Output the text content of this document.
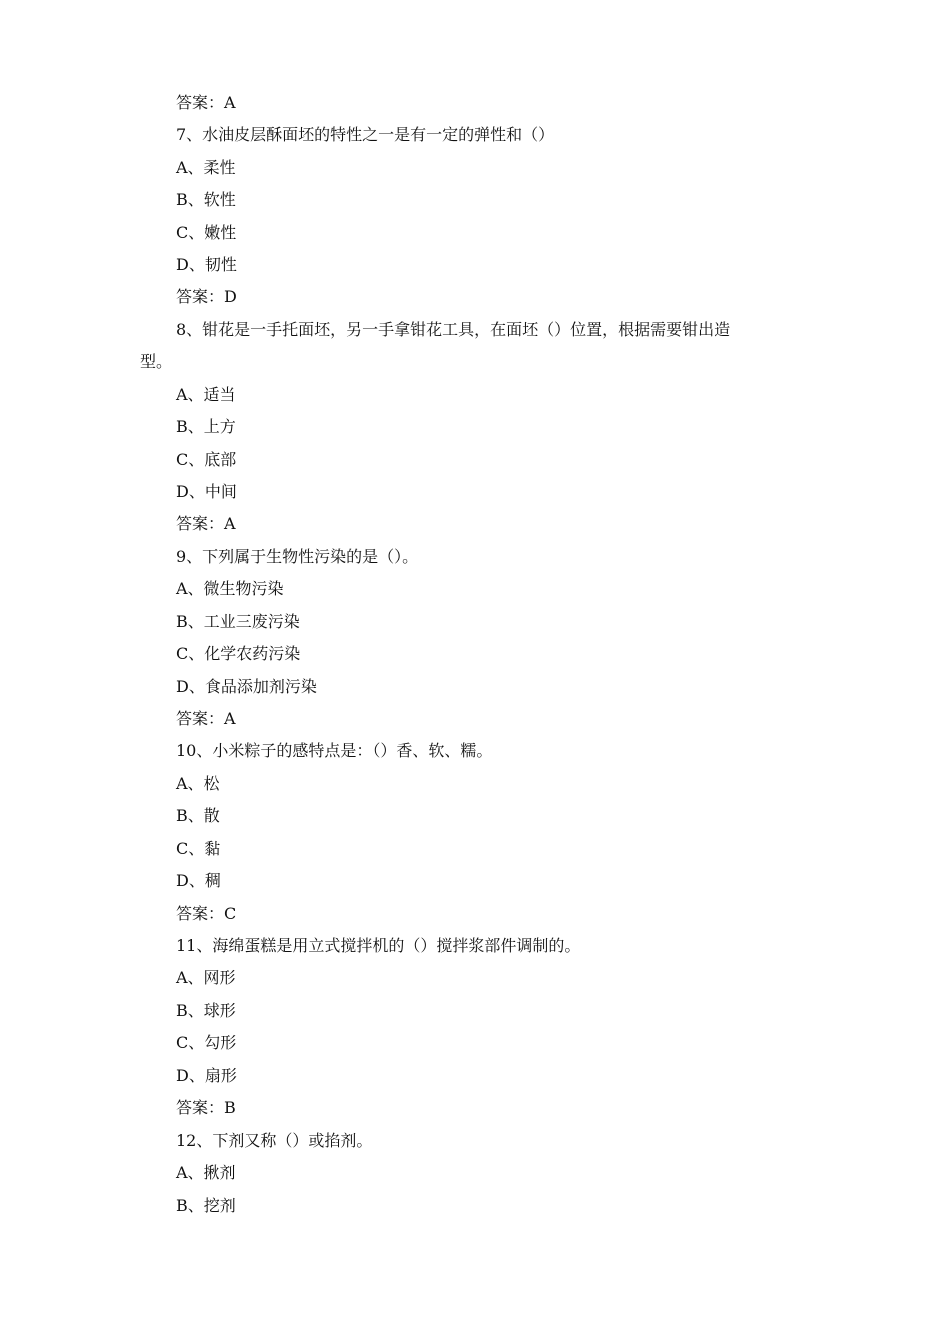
答案：A
7、水油皮层酥面坯的特性之一是有一定的弹性和（）
A、柔性
B、软性
C、嫩性
D、韧性
答案：D
8、钳花是一手托面坯，另一手拿钳花工具，在面坯（）位置，根据需要钳出造
型。
A、适当
B、上方
C、底部
D、中间
答案：A
9、下列属于生物性污染的是（）。
A、微生物污染
B、工业三废污染
C、化学农药污染
D、食品添加剂污染
答案：A
10、小米粽子的感特点是：（）香、软、糯。
A、松
B、散
C、黏
D、稠
答案：C
11、海绵蛋糕是用立式搅拌机的（）搅拌浆部件调制的。
A、网形
B、球形
C、勾形
D、扇形
答案：B
12、下剂又称（）或掐剂。
A、揪剂
B、挖剂
